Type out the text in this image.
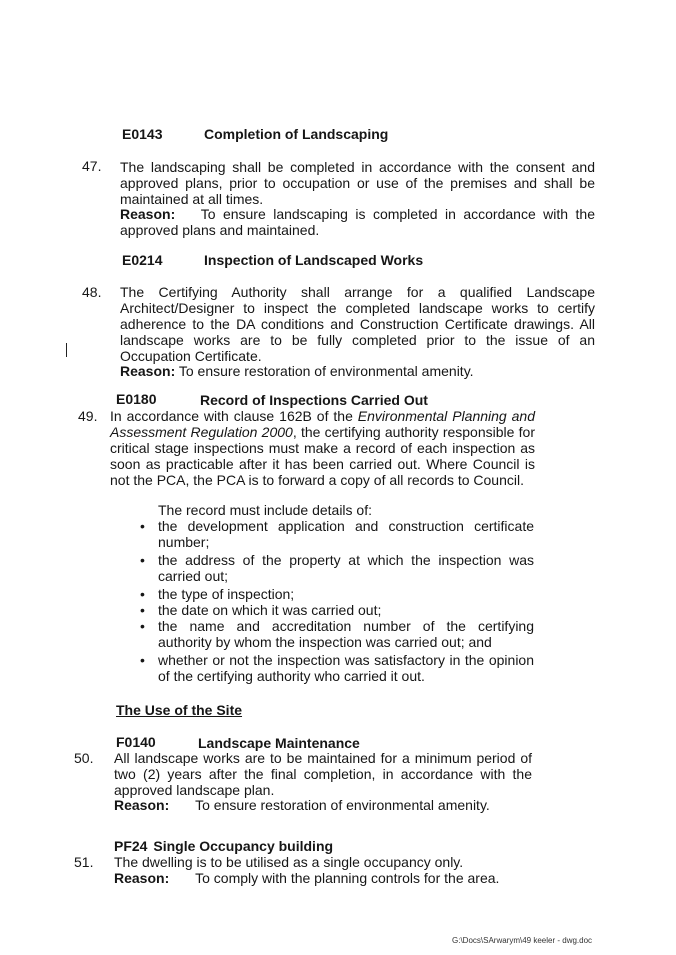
E0143	Completion of Landscaping
47. The landscaping shall be completed in accordance with the consent and approved plans, prior to occupation or use of the premises and shall be maintained at all times.
Reason: To ensure landscaping is completed in accordance with the approved plans and maintained.
E0214	Inspection of Landscaped Works
48. The Certifying Authority shall arrange for a qualified Landscape Architect/Designer to inspect the completed landscape works to certify adherence to the DA conditions and Construction Certificate drawings. All landscape works are to be fully completed prior to the issue of an Occupation Certificate.
Reason: To ensure restoration of environmental amenity.
E0180	Record of Inspections Carried Out
49. In accordance with clause 162B of the Environmental Planning and Assessment Regulation 2000, the certifying authority responsible for critical stage inspections must make a record of each inspection as soon as practicable after it has been carried out. Where Council is not the PCA, the PCA is to forward a copy of all records to Council.
The record must include details of:
• the development application and construction certificate number;
• the address of the property at which the inspection was carried out;
• the type of inspection;
• the date on which it was carried out;
• the name and accreditation number of the certifying authority by whom the inspection was carried out; and
• whether or not the inspection was satisfactory in the opinion of the certifying authority who carried it out.
The Use of the Site
F0140	Landscape Maintenance
50. All landscape works are to be maintained for a minimum period of two (2) years after the final completion, in accordance with the approved landscape plan.
Reason: To ensure restoration of environmental amenity.
PF24 Single Occupancy building
51. The dwelling is to be utilised as a single occupancy only.
Reason: To comply with the planning controls for the area.
G:\Docs\SArwarym\49 keeler - dwg.doc
